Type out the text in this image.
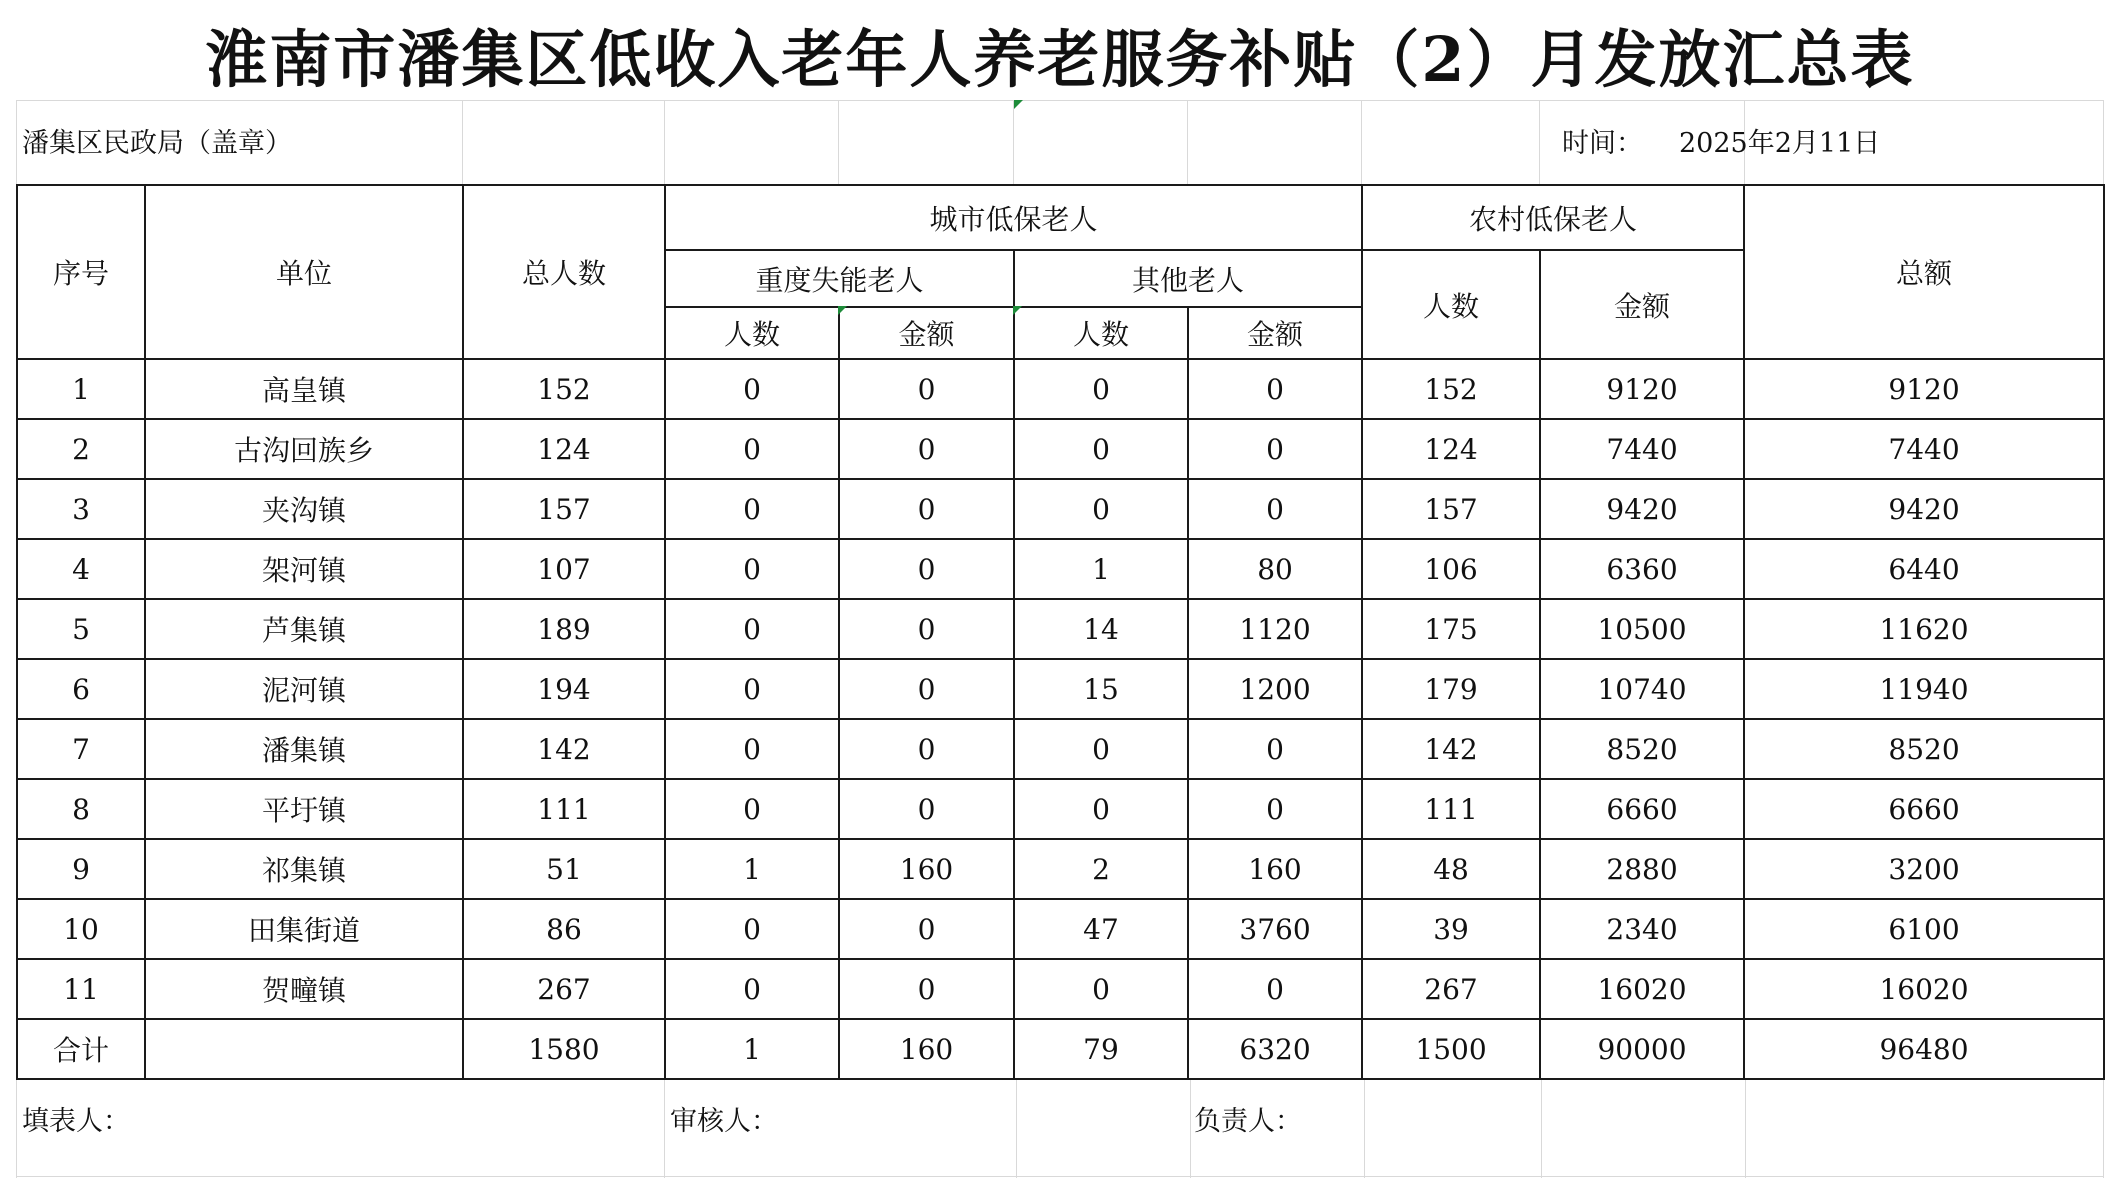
淮南市潘集区低收入老年人养老服务补贴（2）月发放汇总表
潘集区民政局（盖章）	时间： 2025年2月11日
序号	单位	总人数	城市低保老人				农村低保老人		总额
			重度失能老人		其他老人		人数	金额	
			人数	金额	人数	金额			
1	高皇镇	152	0	0	0	0	152	9120	9120
2	古沟回族乡	124	0	0	0	0	124	7440	7440
3	夹沟镇	157	0	0	0	0	157	9420	9420
4	架河镇	107	0	0	1	80	106	6360	6440
5	芦集镇	189	0	0	14	1120	175	10500	11620
6	泥河镇	194	0	0	15	1200	179	10740	11940
7	潘集镇	142	0	0	0	0	142	8520	8520
8	平圩镇	111	0	0	0	0	111	6660	6660
9	祁集镇	51	1	160	2	160	48	2880	3200
10	田集街道	86	0	0	47	3760	39	2340	6100
11	贺疃镇	267	0	0	0	0	267	16020	16020
合计		1580	1	160	79	6320	1500	90000	96480
填表人：	审核人：	负责人：
